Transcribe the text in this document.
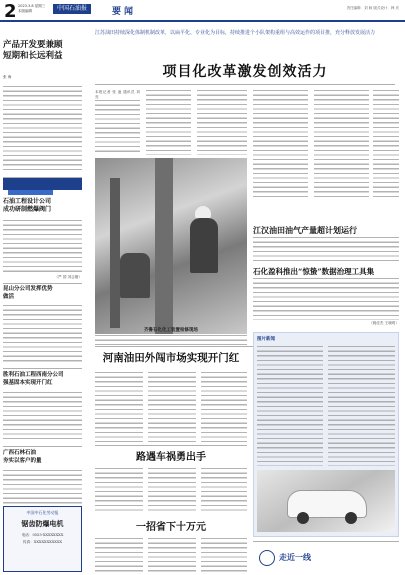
2 2023.3.8 星期三
本版编辑	中国石油报	要闻	责任编辑：刘 旸 版式设计：韩 庆
产品开发要兼顾
短期和长远利益
张 海
石油工程设计公司
成功研制燃爆阀门
（严 国 刘志刚）
昆山分公司发挥优势
做活
江苏油田持续深化体制机制改革，以扁平化、专业化为目标，持续推进个小队架构重组与高效运作的项目推，充分释放发展活力
项目化改革激发创效活力
本报记者 张 凌 通讯员 刘 亮
齐鲁石化化工装置检修现场
江汉油田油气产量超计划运行
石化盈科推出“惊蛰”数据治理工具集
（姚佳杰 王晓玥）
河南油田外闯市场实现开门红
图片新闻
胜利石油工程西南分公司
强基固本实现开门红
广西石林石油
夯实以客户的量
中国中石化劳动报
锯齿防爆电机
电话：0553-XXXXXXXX
传真：XXXXXXXXXXX
路遇车祸勇出手
一招省下十万元
走近一线
